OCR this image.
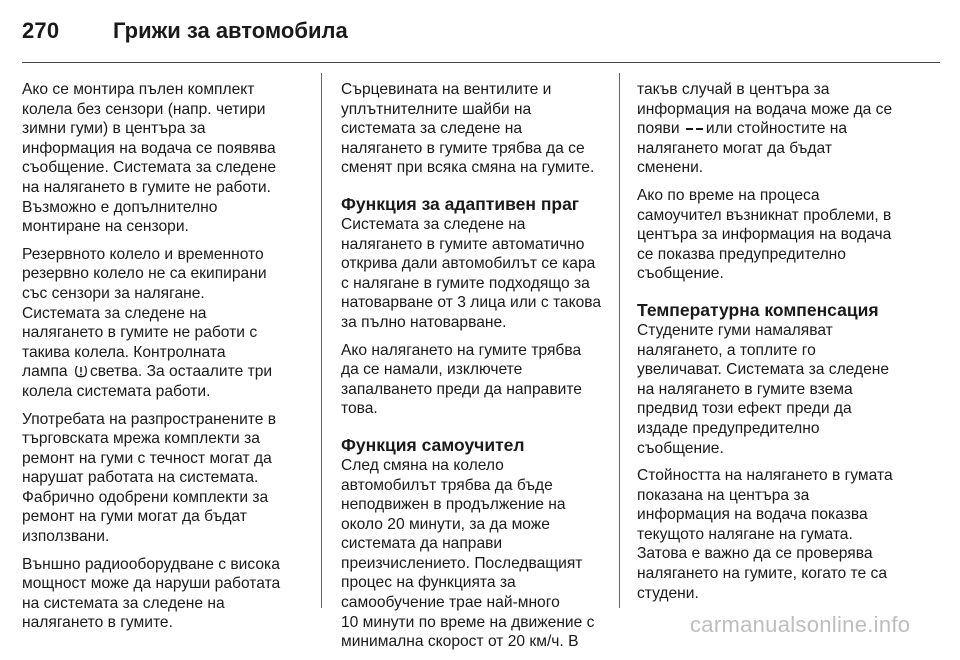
270 Грижи за автомобила

Ако се монтира пълен комплект
колела без сензори (напр. четири
зимни гуми) в центъра за
информация на водача се появява
съобщение. Системата за следене
на налягането в гумите не работи.
Възможно е допълнително
монтиране на сензори.

Резервното колело и временното
резервно колело не са екипирани
със сензори за налягане.
Системата за следене на
налягането в гумите не работи с
такива колела. Контролната
лампа светва. За остаалите три
колела системата работи.

Употребата на разпространените в
търговската мрежа комплекти за
ремонт на гуми с течност могат да
нарушат работата на системата.
Фабрично одобрени комплекти за
ремонт на гуми могат да бъдат
използвани.

Външно радиооборудване с висока
мощност може да наруши работата
на системата за следене на
налягането в гумите.

Сърцевината на вентилите и
уплътнителните шайби на
системата за следене на
налягането в гумите трябва да се
сменят при всяка смяна на гумите.

Функция за адаптивен праг

Системата за следене на
налягането в гумите автоматично
открива дали автомобилът се кара
с налягане в гумите подходящо за
натоварване от 3 лица или с такова
за пълно натоварване.

Ако налягането на гумите трябва
да се намали, изключете
запалването преди да направите
това.

Функция самоучител

След смяна на колело
автомобилът трябва да бъде
неподвижен в продължение на
около 20 минути, за да може
системата да направи
преизчислението. Последващият
процес на функцията за
самообучение трае най-много
10 минути по време на движение с
минимална скорост от 20 км/ч. В

такъв случай в центъра за
информация на водача може да се
появи или стойностите на
налягането могат да бъдат
сменени.

Ако по време на процеса
самоучител възникнат проблеми, в
центъра за информация на водача
се показва предупредително
съобщение.

Температурна компенсация

Студените гуми намаляват
налягането, а топлите го
увеличават. Системата за следене
на налягането в гумите взема
предвид този ефект преди да
издаде предупредително
съобщение.

Стойността на налягането в гумата
показана на центъра за
информация на водача показва
текущото налягане на гумата.
Затова е важно да се проверява
налягането на гумите, когато те са
студени.

carmanualsonline.info
